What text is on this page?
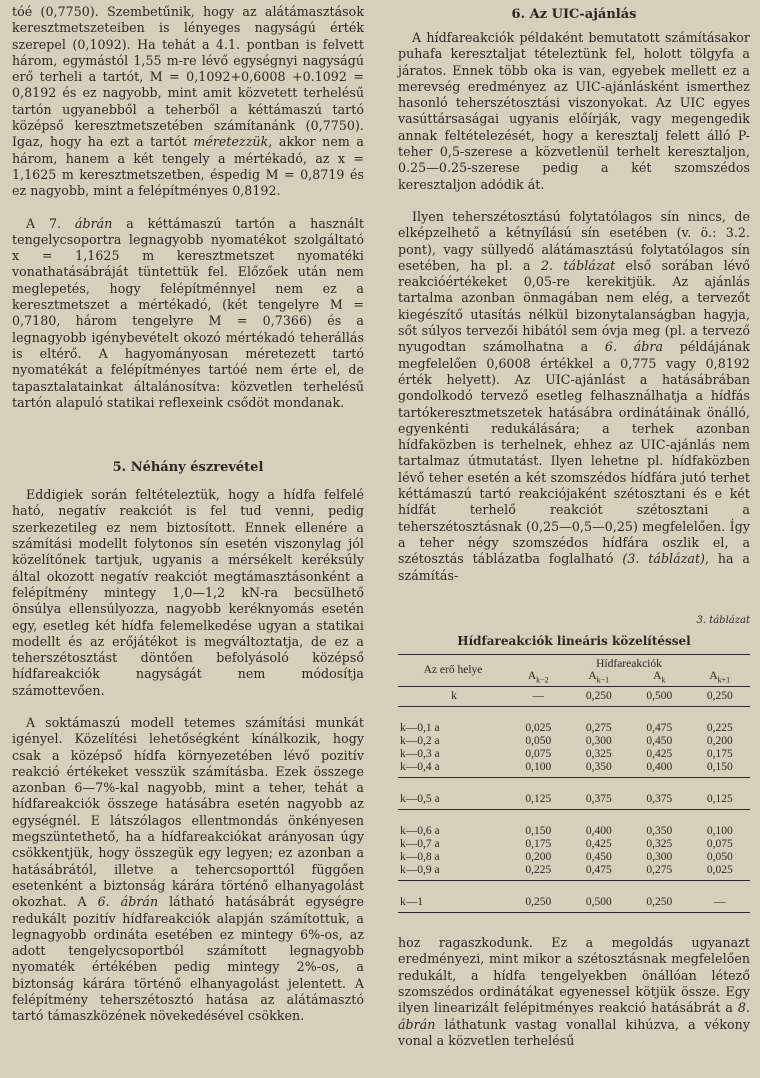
tóé (0,7750). Szembetűnik, hogy az alátámasztások keresztmetszeteiben is lényeges nagyságú érték szerepel (0,1092). Ha tehát a 4.1. pontban is felvett három, egymástól 1,55 m-re lévő egységnyi nagyságú erő terheli a tartót, M = 0,1092+0,6008 +0.1092 = 0,8192 és ez nagyobb, mint amit közvetett terhelésű tartón ugyanebből a teherből a kéttámaszú tartó középső keresztmetszetében számítanánk (0,7750). Igaz, hogy ha ezt a tartót méretezzük, akkor nem a három, hanem a két tengely a mértékadó, az x = 1,1625 m keresztmetszetben, éspedig M = 0,8719 és ez nagyobb, mint a felépítményes 0,8192.

A 7. ábrán a kéttámaszú tartón a használt tengelycsoportra legnagyobb nyomatékot szolgáltató x = 1,1625 m keresztmetszet nyomatéki vonathatásábráját tüntettük fel. Előzőek után nem meglepetés, hogy felépítménnyel nem ez a keresztmetszet a mértékadó, (két tengelyre M = 0,7180, három tengelyre M = 0,7366) és a legnagyobb igénybevételt okozó mértékadó teherállás is eltérő. A hagyományosan méretezett tartó nyomatékát a felépítményes tartóé nem érte el, de tapasztalatainkat általánosítva: közvetlen terhelésű tartón alapuló statikai reflexeink csődöt mondanak.

5. Néhány észrevétel

Eddigiek során feltételeztük, hogy a hídfa felfelé ható, negatív reakciót is fel tud venni, pedig szerkezetileg ez nem biztosított. Ennek ellenére a számítási modellt folytonos sín esetén viszonylag jól közelítőnek tartjuk, ugyanis a mérsékelt keréksúly által okozott negatív reakciót megtámasztásonként a felépítmény mintegy 1,0—1,2 kN-ra becsülhető önsúlya ellensúlyozza, nagyobb keréknyomás esetén egy, esetleg két hídfa felemelkedése ugyan a statikai modellt és az erőjátékot is megváltoztatja, de ez a teherszétosztást döntően befolyásoló középső hídfareakciók nagyságát nem módosítja számottevően.

A soktámaszú modell tetemes számítási munkát igényel. Közelítési lehetőségként kínálkozik, hogy csak a középső hídfa környezetében lévő pozitív reakció értékeket vesszük számításba. Ezek összege azonban 6—7%-kal nagyobb, mint a teher, tehát a hídfareakciók összege hatásábra esetén nagyobb az egységnél. E látszólagos ellentmondás önkényesen megszüntethető, ha a hídfareakciókat arányosan úgy csökkentjük, hogy összegük egy legyen; ez azonban a hatásábrától, illetve a tehercsoporttól függően esetenként a biztonság kárára történő elhanyagolást okozhat. A 6. ábrán látható hatásábrát egységre redukált pozitív hídfareakciók alapján számítottuk, a legnagyobb ordináta esetében ez mintegy 6%-os, az adott tengelycsoportból számított legnagyobb nyomaték értékében pedig mintegy 2%-os, a biztonság kárára történő elhanyagolást jelentett. A felépítmény teherszétosztó hatása az alátámasztó tartó támaszközének növekedésével csökken.

6. Az UIC-ajánlás

A hídfareakciók példaként bemutatott számításakor puhafa keresztaljat tételeztünk fel, holott tölgyfa a járatos. Ennek több oka is van, egyebek mellett ez a merevség eredményez az UIC-ajánlásként ismerthez hasonló teherszétosztási viszonyokat. Az UIC egyes vasúttársaságai ugyanis előírják, vagy megengedik annak feltételezését, hogy a keresztalj felett álló P-teher 0,5-szerese a közvetlenül terhelt keresztaljon, 0.25—0.25-szerese pedig a két szomszédos keresztaljon adódik át.

Ilyen teherszétosztású folytatólagos sín nincs, de elképzelhető a kétnyílású sín esetében (v. ö.: 3.2. pont), vagy süllyedő alátámasztású folytatólagos sín esetében, ha pl. a 2. táblázat első sorában lévő reakcióértékeket 0,05-re kerekitjük. Az ajánlás tartalma azonban önmagában nem elég, a tervezőt kiegészítő utasítás nélkül bizonytalanságban hagyja, sőt súlyos tervezői hibától sem óvja meg (pl. a tervező nyugodtan számolhatna a 6. ábra példájának megfelelően 0,6008 értékkel a 0,775 vagy 0,8192 érték helyett). Az UIC-ajánlást a hatásábrában gondolkodó tervező esetleg felhasználhatja a hídfás tartókeresztmetszetek hatásábra ordinátáinak önálló, egyenkénti redukálására; a terhek azonban hídfaközben is terhelnek, ehhez az UIC-ajánlás nem tartalmaz útmutatást. Ilyen lehetne pl. hídfaközben lévő teher esetén a két szomszédos hídfára jutó terhet kéttámaszú tartó reakciójaként szétosztani és e két hídfát terhelő reakciót szétosztani a teherszétosztásnak (0,25—0,5—0,25) megfelelően. Így a teher négy szomszédos hídfára oszlik el, a szétosztás táblázatba foglalható (3. táblázat), ha a számítás-

3. táblázat
Hídfareakciók lineáris közelítéssel
Az erő helye	Hídfareakciók			
	$A_{k-2}$	$A_{k-1}$	$A_k$	$A_{k+1}$
k	—	0,250	0,500	0,250

k—0,1 a	0,025	0,275	0,475	0,225
k—0,2 a	0,050	0,300	0,450	0,200
k—0,3 a	0,075	0,325	0,425	0,175
k—0,4 a	0,100	0,350	0,400	0,150

k—0,5 a	0,125	0,375	0,375	0,125

k—0,6 a	0,150	0,400	0,350	0,100
k—0,7 a	0,175	0,425	0,325	0,075
k—0,8 a	0,200	0,450	0,300	0,050
k—0,9 a	0,225	0,475	0,275	0,025

k—1	0,250	0,500	0,250	—

hoz ragaszkodunk. Ez a megoldás ugyanazt eredményezi, mint mikor a szétosztásnak megfelelően redukált, a hídfa tengelyekben önállóan létező szomszédos ordinátákat egyenessel kötjük össze. Egy ilyen linearizált felépitményes reakció hatásábrát a 8. ábrán láthatunk vastag vonallal kihúzva, a vékony vonal a közvetlen terhelésű
